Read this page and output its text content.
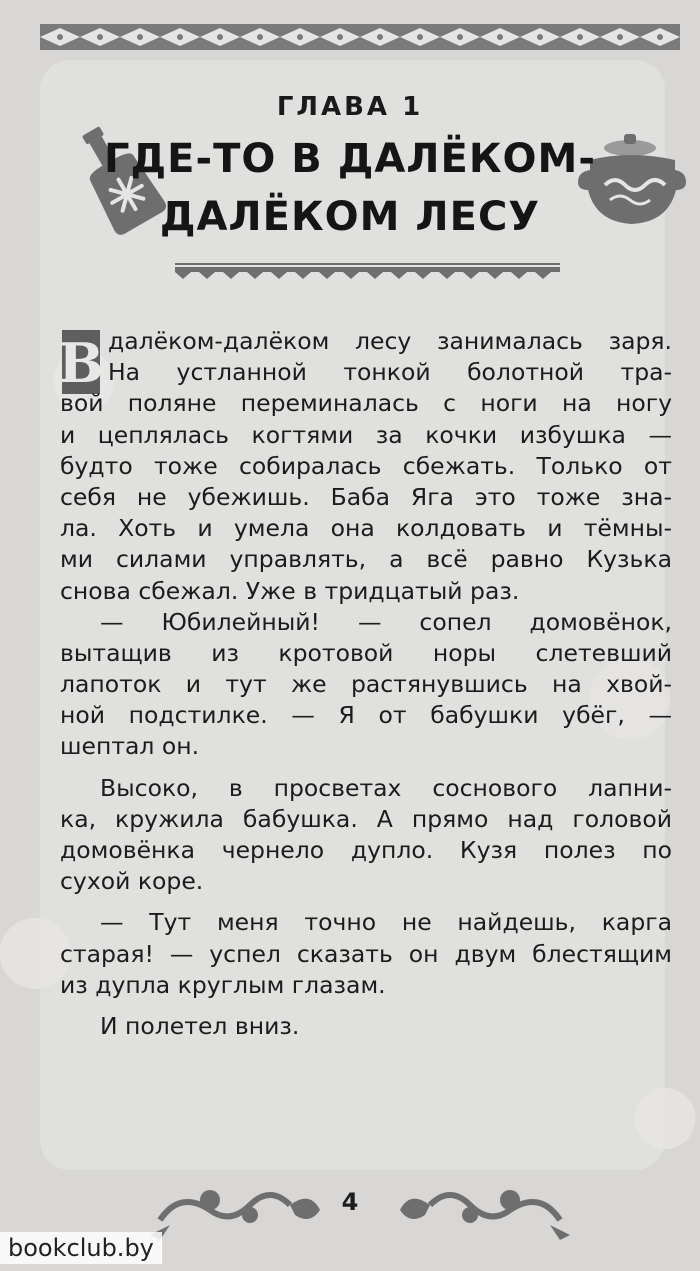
ГЛАВА 1
ГДЕ-ТО В ДАЛЁКОМ-
ДАЛЁКОМ ЛЕСУ
В далёком-далёком лесу занималась заря.
На устланной тонкой болотной тра-
вой поляне переминалась с ноги на ногу
и цеплялась когтями за кочки избушка —
будто тоже собиралась сбежать. Только от
себя не убежишь. Баба Яга это тоже зна-
ла. Хоть и умела она колдовать и тёмны-
ми силами управлять, а всё равно Кузька
снова сбежал. Уже в тридцатый раз.
— Юбилейный! — сопел домовёнок,
вытащив из кротовой норы слетевший
лапоток и тут же растянувшись на хвой-
ной подстилке. — Я от бабушки убёг, —
шептал он.
Высоко, в просветах соснового лапни-
ка, кружила бабушка. А прямо над головой
домовёнка чернело дупло. Кузя полез по
сухой коре.
— Тут меня точно не найдешь, карга
старая! — успел сказать он двум блестящим
из дупла круглым глазам.
И полетел вниз.
4
bookclub.by
